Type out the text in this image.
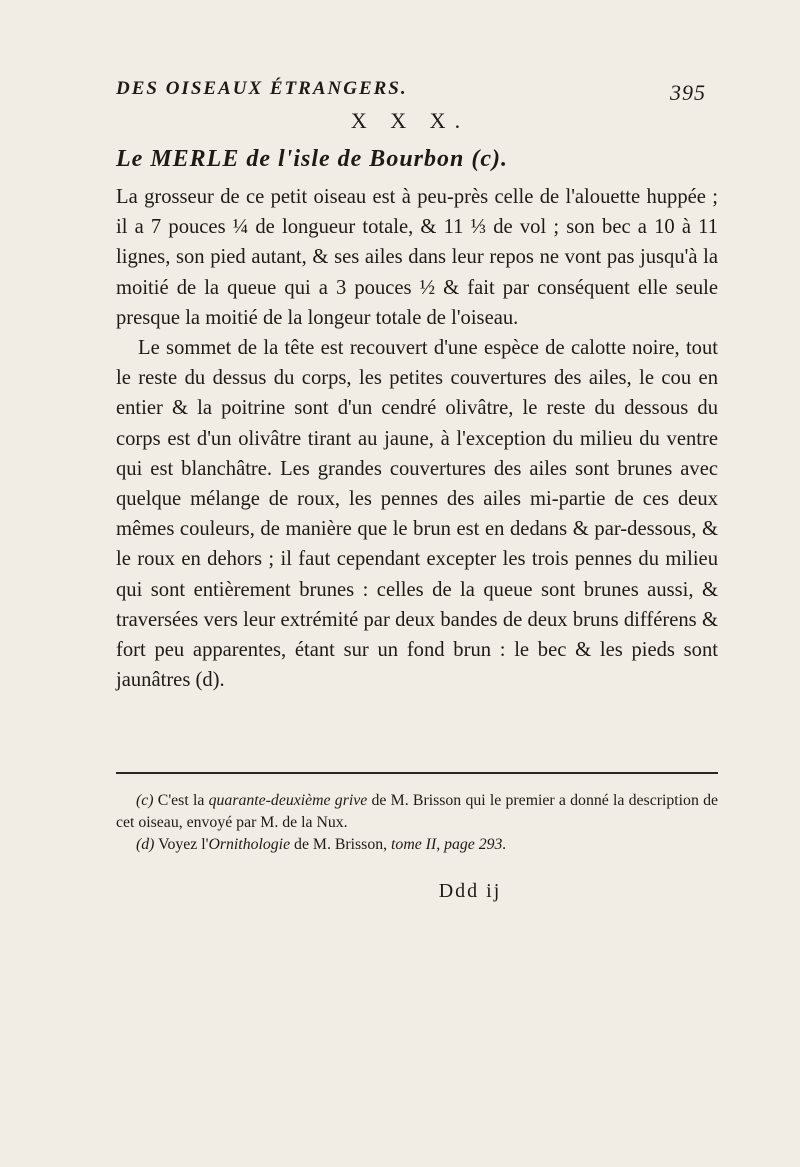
DES OISEAUX ÉTRANGERS.	395
X X X.
Le MERLE de l'isle de Bourbon (c).

La grosseur de ce petit oiseau est à peu-près celle de l'alouette huppée ; il a 7 pouces ¼ de longueur totale, & 11 ⅓ de vol ; son bec a 10 à 11 lignes, son pied autant, & ses ailes dans leur repos ne vont pas jusqu'à la moitié de la queue qui a 3 pouces ½ & fait par conséquent elle seule presque la moitié de la longeur totale de l'oiseau.

Le sommet de la tête est recouvert d'une espèce de calotte noire, tout le reste du dessus du corps, les petites couvertures des ailes, le cou en entier & la poitrine sont d'un cendré olivâtre, le reste du dessous du corps est d'un olivâtre tirant au jaune, à l'exception du milieu du ventre qui est blanchâtre. Les grandes couvertures des ailes sont brunes avec quelque mélange de roux, les pennes des ailes mi-partie de ces deux mêmes couleurs, de manière que le brun est en dedans & par-dessous, & le roux en dehors ; il faut cependant excepter les trois pennes du milieu qui sont entièrement brunes : celles de la queue sont brunes aussi, & traversées vers leur extrémité par deux bandes de deux bruns différens & fort peu apparentes, étant sur un fond brun : le bec & les pieds sont jaunâtres (d).

(c) C'est la quarante-deuxième grive de M. Brisson qui le premier a donné la description de cet oiseau, envoyé par M. de la Nux.

(d) Voyez l'Ornithologie de M. Brisson, tome II, page 293.

Ddd ij
